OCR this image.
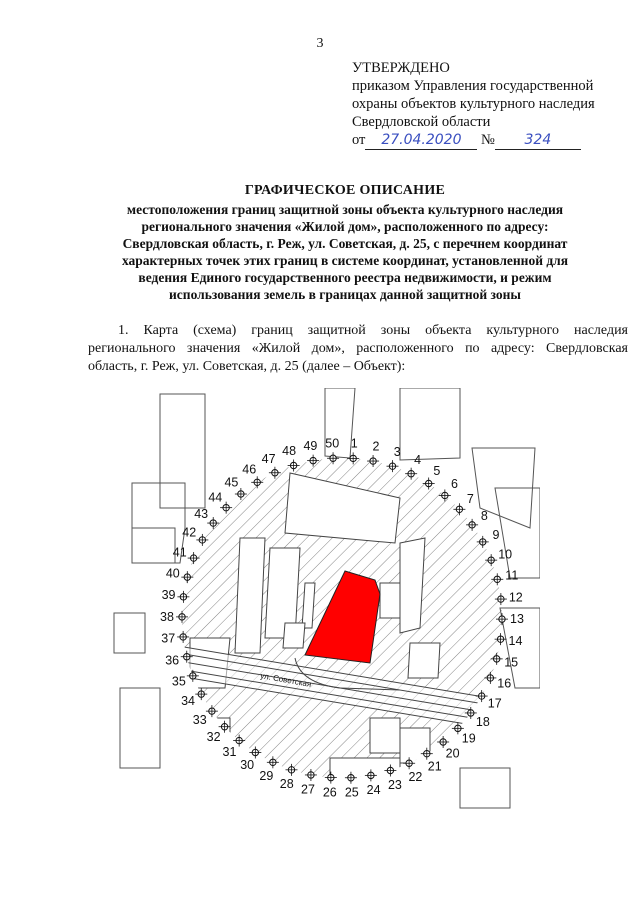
3
УТВЕРЖДЕНО
приказом Управления государственной
охраны объектов культурного наследия
Свердловской области
от 27.04.2020 № 324
ГРАФИЧЕСКОЕ ОПИСАНИЕ
местоположения границ защитной зоны объекта культурного наследия
регионального значения «Жилой дом», расположенного по адресу:
Свердловская область, г. Реж, ул. Советская, д. 25, с перечнем координат
характерных точек этих границ в системе координат, установленной для
ведения Единого государственного реестра недвижимости, и режим
использования земель в границах данной защитной зоны
1. Карта (схема) границ защитной зоны объекта культурного наследия
регионального значения «Жилой дом», расположенного по адресу: Свердловская
область, г. Реж, ул. Советская, д. 25 (далее – Объект):
ул. Советская
1 2 3
4
5
6
7
8
9
10
11
12
13
14
15
16
17
18
19
20
21
22
23
24
25
26
27
28
29
30
31
32
33
34
35
36
37
38
39
40
41
42
43
44
45
46
47
48 49 50
